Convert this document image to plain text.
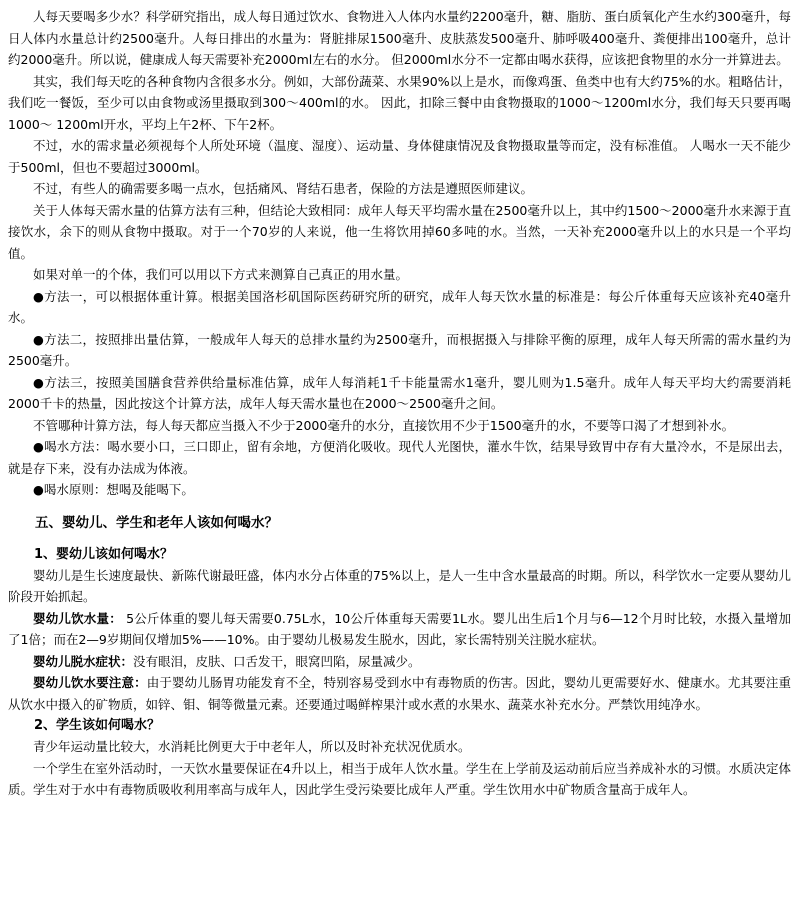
人每天要喝多少水？科学研究指出，成人每日通过饮水、食物进入人体内水量约2200毫升，糖、脂肪、蛋白质氧化产生水约300毫升，每日人体内水量总计约2500毫升。人每日排出的水量为：肾脏排尿1500毫升、皮肤蒸发500毫升、肺呼吸400毫升、粪便排出100毫升，总计约2000毫升。所以说，健康成人每天需要补充2000ml左右的水分。 但2000ml水分不一定都由喝水获得，应该把食物里的水分一并算进去。

其实，我们每天吃的各种食物内含很多水分。例如，大部份蔬菜、水果90%以上是水，而像鸡蛋、鱼类中也有大约75%的水。粗略估计，我们吃一餐饭，至少可以由食物或汤里摄取到300～400ml的水。 因此，扣除三餐中由食物摄取的1000～1200ml水分，我们每天只要再喝1000～ 1200ml开水，平均上午2杯、下午2杯。

不过，水的需求量必须视每个人所处环境（温度、湿度）、运动量、身体健康情况及食物摄取量等而定，没有标准值。 人喝水一天不能少于500ml，但也不要超过3000ml。

不过，有些人的确需要多喝一点水，包括痛风、肾结石患者，保险的方法是遵照医师建议。

关于人体每天需水量的估算方法有三种，但结论大致相同：成年人每天平均需水量在2500毫升以上，其中约1500～2000毫升水来源于直接饮水，余下的则从食物中摄取。对于一个70岁的人来说，他一生将饮用掉60多吨的水。当然，一天补充2000毫升以上的水只是一个平均值。

如果对单一的个体，我们可以用以下方式来测算自己真正的用水量。

●方法一，可以根据体重计算。根据美国洛杉矶国际医药研究所的研究，成年人每天饮水量的标准是：每公斤体重每天应该补充40毫升水。

●方法二，按照排出量估算，一般成年人每天的总排水量约为2500毫升，而根据摄入与排除平衡的原理，成年人每天所需的需水量约为2500毫升。

●方法三，按照美国膳食营养供给量标准估算，成年人每消耗1千卡能量需水1毫升，婴儿则为1.5毫升。成年人每天平均大约需要消耗2000千卡的热量，因此按这个计算方法，成年人每天需水量也在2000～2500毫升之间。

不管哪种计算方法，每人每天都应当摄入不少于2000毫升的水分，直接饮用不少于1500毫升的水，不要等口渴了才想到补水。

●喝水方法：喝水要小口，三口即止，留有余地，方便消化吸收。现代人光图快，灌水牛饮，结果导致胃中存有大量冷水，不是尿出去，就是存下来，没有办法成为体液。

●喝水原则：想喝及能喝下。

五、婴幼儿、学生和老年人该如何喝水？
1、婴幼儿该如何喝水？

婴幼儿是生长速度最快、新陈代谢最旺盛，体内水分占体重的75%以上，是人一生中含水量最高的时期。所以，科学饮水一定要从婴幼儿阶段开始抓起。

婴幼儿饮水量： 5公斤体重的婴儿每天需要0.75L水，10公斤体重每天需要1L水。婴儿出生后1个月与6—12个月时比较，水摄入量增加了1倍；而在2—9岁期间仅增加5%——10%。由于婴幼儿极易发生脱水，因此，家长需特别关注脱水症状。

婴幼儿脱水症状：没有眼泪，皮肤、口舌发干，眼窝凹陷，尿量减少。

婴幼儿饮水要注意：由于婴幼儿肠胃功能发育不全，特别容易受到水中有毒物质的伤害。因此，婴幼儿更需要好水、健康水。尤其要注重从饮水中摄入的矿物质，如锌、钼、铜等微量元素。还要通过喝鲜榨果汁或水煮的水果水、蔬菜水补充水分。严禁饮用纯净水。

2、学生该如何喝水？

青少年运动量比较大，水消耗比例更大于中老年人，所以及时补充状况优质水。

一个学生在室外活动时，一天饮水量要保证在4升以上，相当于成年人饮水量。学生在上学前及运动前后应当养成补水的习惯。水质决定体质。学生对于水中有毒物质吸收利用率高与成年人，因此学生受污染要比成年人严重。学生饮用水中矿物质含量高于成年人。
